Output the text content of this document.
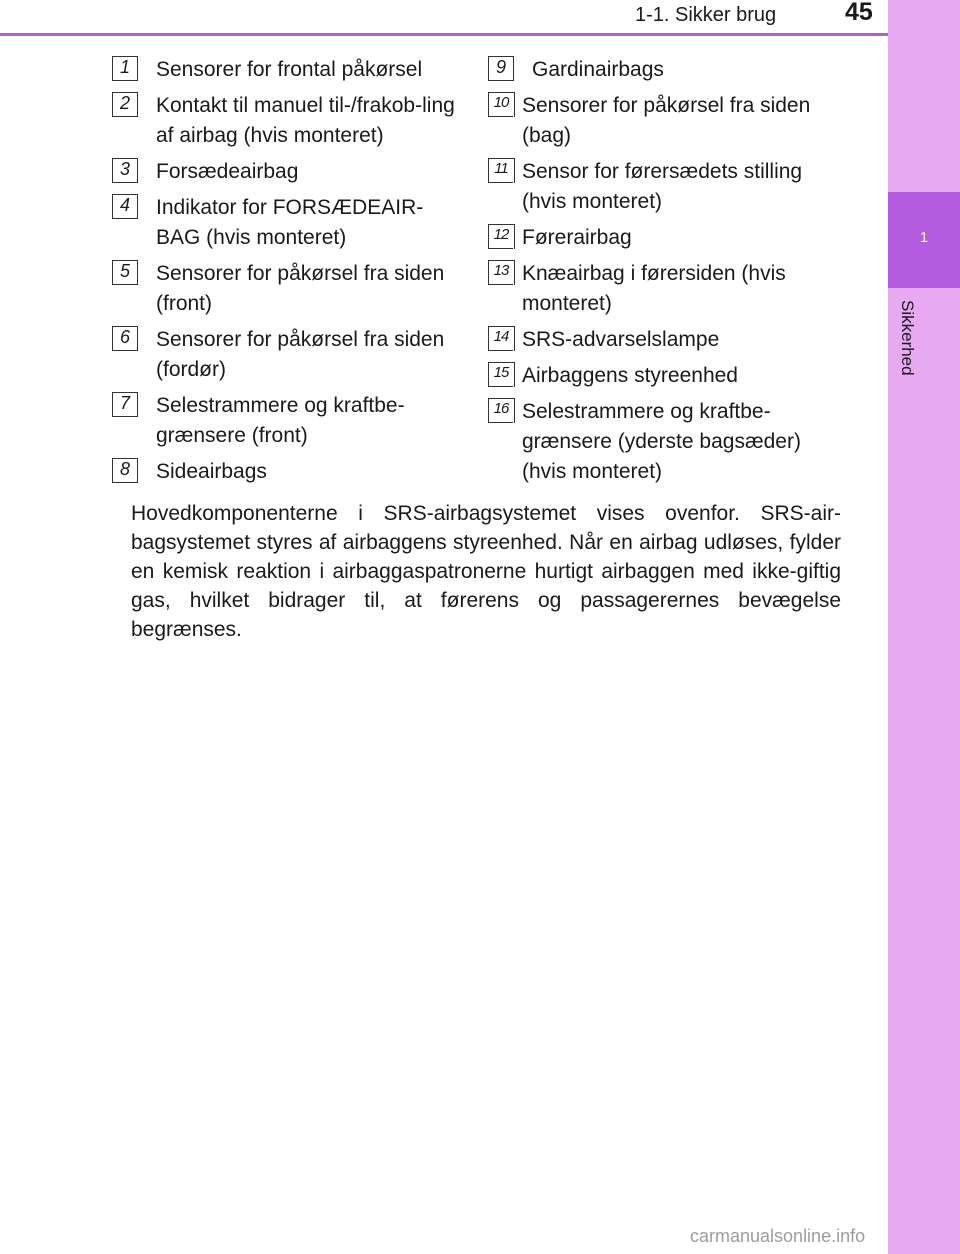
1-1. Sikker brug	45
1
Sikkerhed
1	Sensorer for frontal påkørsel
2	Kontakt til manuel til-/frakob-ling af airbag (hvis monteret)
3	Forsædeairbag
4	Indikator for FORSÆDEAIR-BAG (hvis monteret)
5	Sensorer for påkørsel fra siden (front)
6	Sensorer for påkørsel fra siden (fordør)
7	Selestrammere og kraftbe-grænsere (front)
8	Sideairbags
9	Gardinairbags
10 Sensorer for påkørsel fra siden (bag)
11 Sensor for førersædets stilling (hvis monteret)
12 Førerairbag
13 Knæairbag i førersiden (hvis monteret)
14 SRS-advarselslampe
15 Airbaggens styreenhed
16 Selestrammere og kraftbe-grænsere (yderste bagsæder) (hvis monteret)
Hovedkomponenterne i SRS-airbagsystemet vises ovenfor. SRS-air-bagsystemet styres af airbaggens styreenhed. Når en airbag udløses, fylder en kemisk reaktion i airbaggaspatronerne hurtigt airbaggen med ikke-giftig gas, hvilket bidrager til, at førerens og passagerernes bevægelse begrænses.
carmanualsonline.info
